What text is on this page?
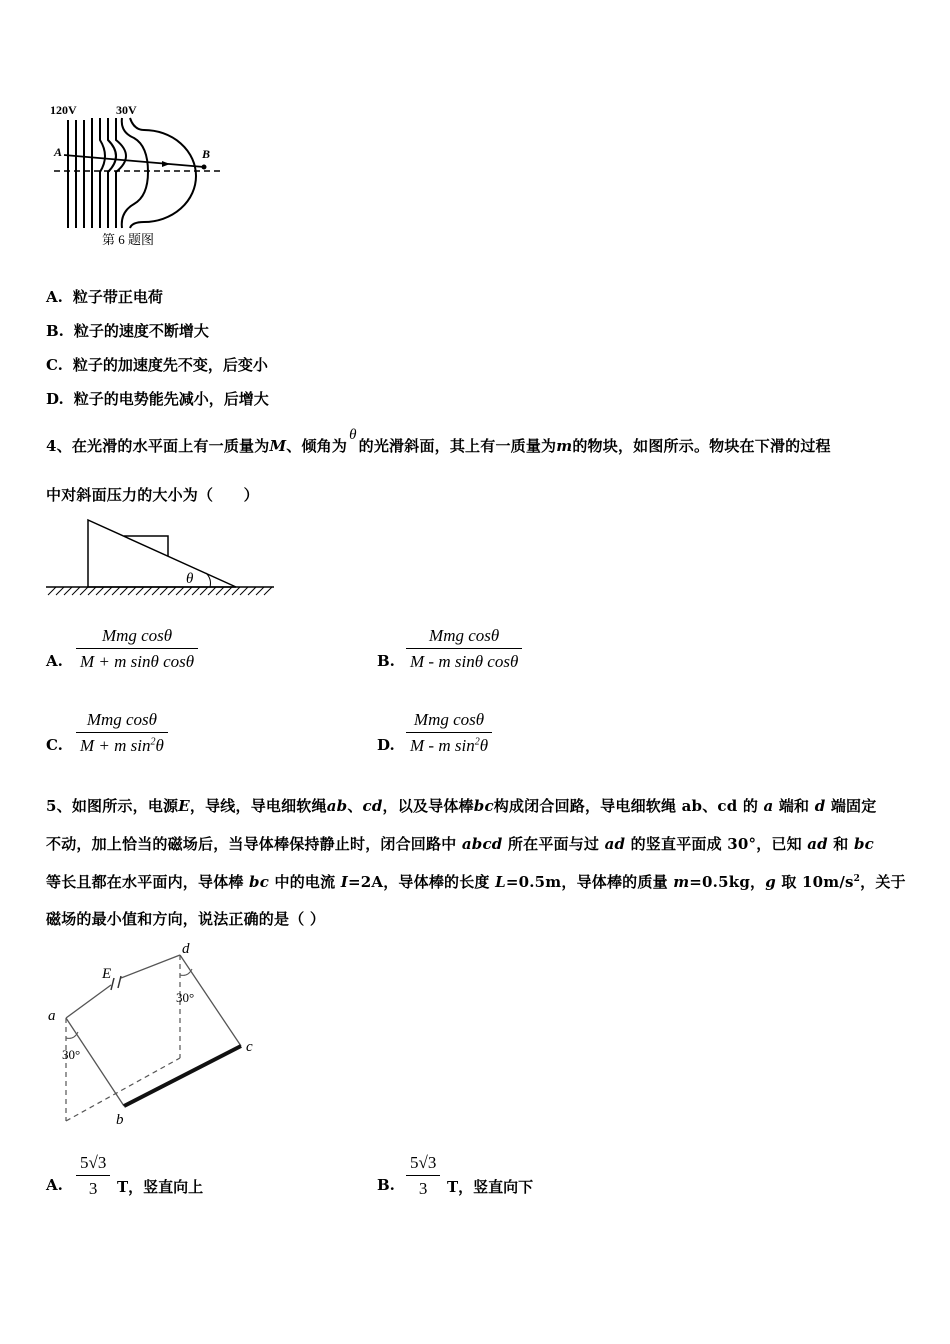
120V	30V
A	B
第 6 题图
A. 粒子带正电荷
B. 粒子的速度不断增大
C. 粒子的加速度先不变，后变小
D. 粒子的电势能先减小，后增大
4、在光滑的水平面上有一质量为M、倾角为θ的光滑斜面，其上有一质量为m的物块，如图所示。物块在下滑的过程
中对斜面压力的大小为（　　）
θ
A.
Mmg cosθ
M + m sinθ cosθ	B.
Mmg cosθ
M - m sinθ cosθ
C.
Mmg cosθ
M + m $\sin^2\theta$	D.
Mmg cosθ
M - m $\sin^2\theta$
5、如图所示，电源E，导线，导电细软绳ab、cd，以及导体棒bc构成闭合回路，导电细软绳 ab、cd 的 a 端和 d 端固定
不动，加上恰当的磁场后，当导体棒保持静止时，闭合回路中 abcd 所在平面与过 ad 的竖直平面成 30°，已知 ad 和 bc
等长且都在水平面内，导体棒 bc 中的电流 I=2A，导体棒的长度 L=0.5m，导体棒的质量 m=0.5kg，g 取 $10m/s^2$，关于
磁场的最小值和方向，说法正确的是（ ）
d
E
a
c
b
30°
30°
A. $\frac{5√3}{3}$ T，竖直向上	B. $\frac{5√3}{3}$ T，竖直向下
